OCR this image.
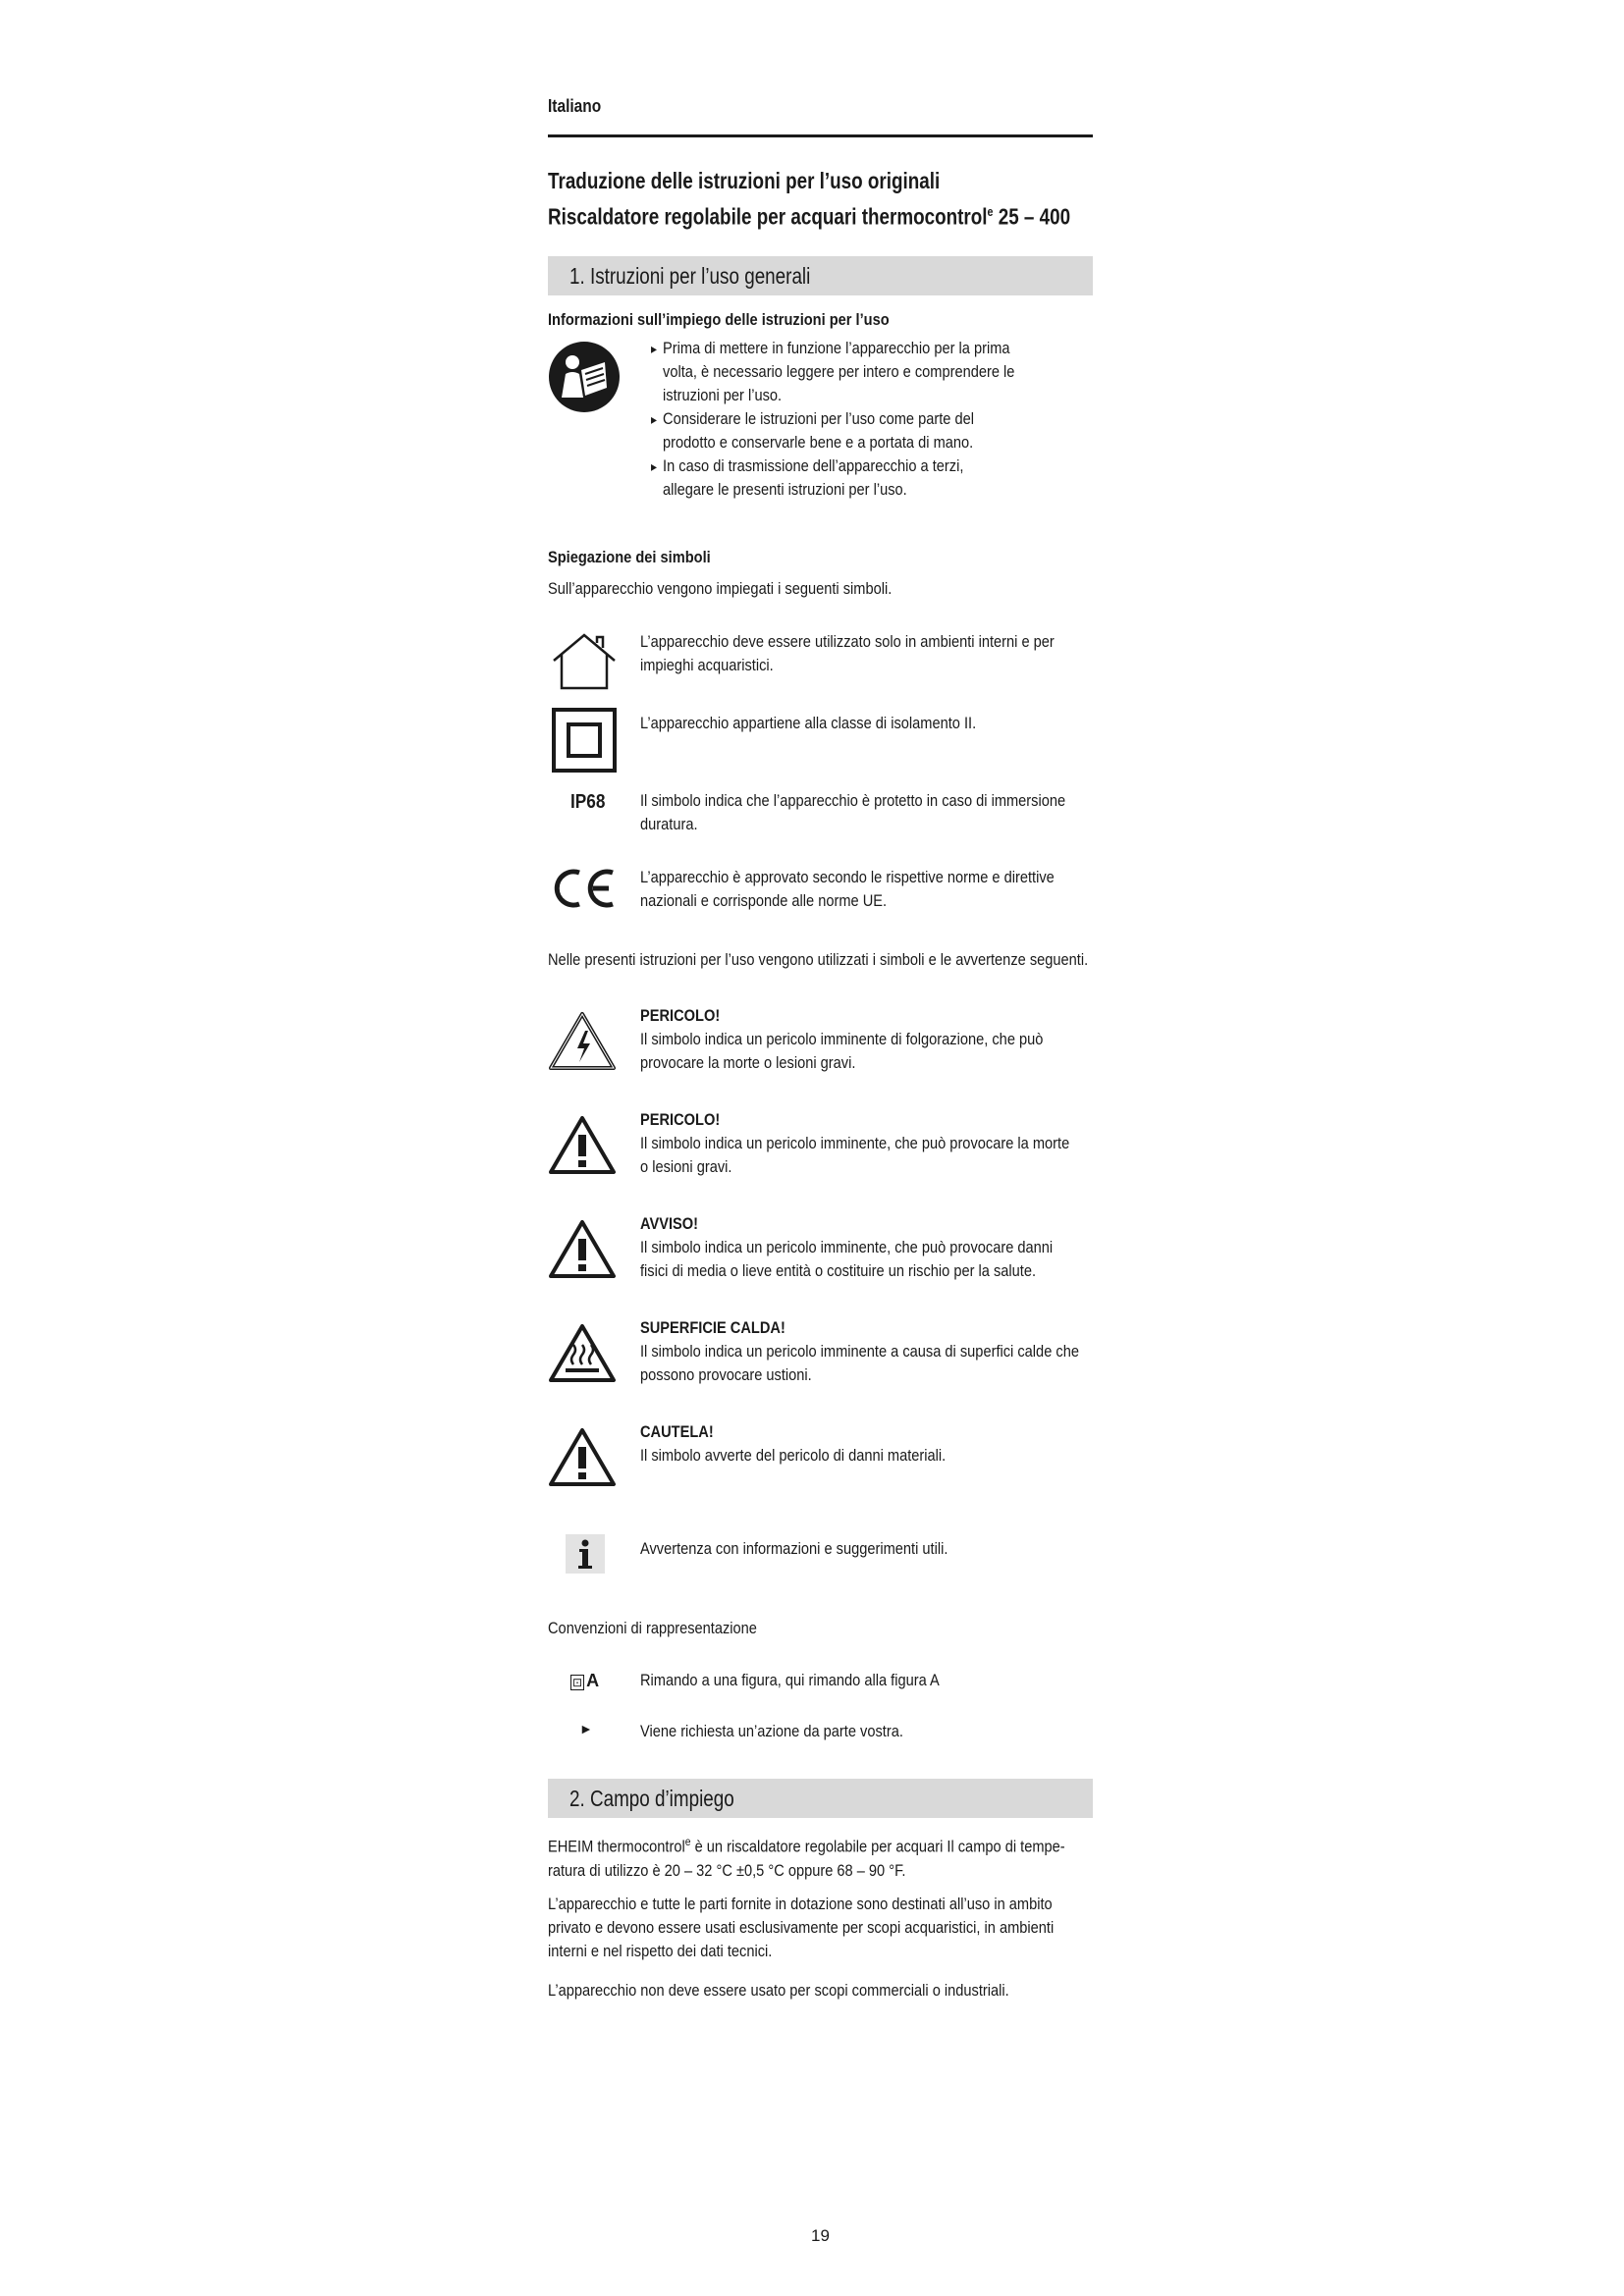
Italiano
Traduzione delle istruzioni per l’uso originali
Riscaldatore regolabile per acquari thermocontrol$^e$ 25 – 400
1. Istruzioni per l’uso generali
Informazioni sull’impiego delle istruzioni per l’uso
▸ Prima di mettere in funzione l’apparecchio per la prima volta, è necessario leggere per intero e comprendere le istruzioni per l’uso.
▸ Considerare le istruzioni per l’uso come parte del prodotto e conservarle bene e a portata di mano.
▸ In caso di trasmissione dell’apparecchio a terzi, allegare le presenti istruzioni per l’uso.
Spiegazione dei simboli
Sull’apparecchio vengono impiegati i seguenti simboli.
L’apparecchio deve essere utilizzato solo in ambienti interni e per impieghi acquaristici.
L’apparecchio appartiene alla classe di isolamento II.
IP68 Il simbolo indica che l’apparecchio è protetto in caso di immersione duratura.
L’apparecchio è approvato secondo le rispettive norme e direttive nazionali e corrisponde alle norme UE.
Nelle presenti istruzioni per l’uso vengono utilizzati i simboli e le avvertenze seguenti.
PERICOLO!
Il simbolo indica un pericolo imminente di folgorazione, che può provocare la morte o lesioni gravi.
PERICOLO!
Il simbolo indica un pericolo imminente, che può provocare la morte o lesioni gravi.
AVVISO!
Il simbolo indica un pericolo imminente, che può provocare danni fisici di media o lieve entità o costituire un rischio per la salute.
SUPERFICIE CALDA!
Il simbolo indica un pericolo imminente a causa di superfici calde che possono provocare ustioni.
CAUTELA!
Il simbolo avverte del pericolo di danni materiali.
Avvertenza con informazioni e suggerimenti utili.
Convenzioni di rappresentazione
⊡ A Rimando a una figura, qui rimando alla figura A
►	Viene richiesta un’azione da parte vostra.
2. Campo d’impiego
EHEIM thermocontrol$^e$ è un riscaldatore regolabile per acquari Il campo di tempe-ratura di utilizzo è 20 – 32 °C ±0,5 °C oppure 68 – 90 °F.
L’apparecchio e tutte le parti fornite in dotazione sono destinati all’uso in ambito privato e devono essere usati esclusivamente per scopi acquaristici, in ambienti interni e nel rispetto dei dati tecnici.
L’apparecchio non deve essere usato per scopi commerciali o industriali.
19
